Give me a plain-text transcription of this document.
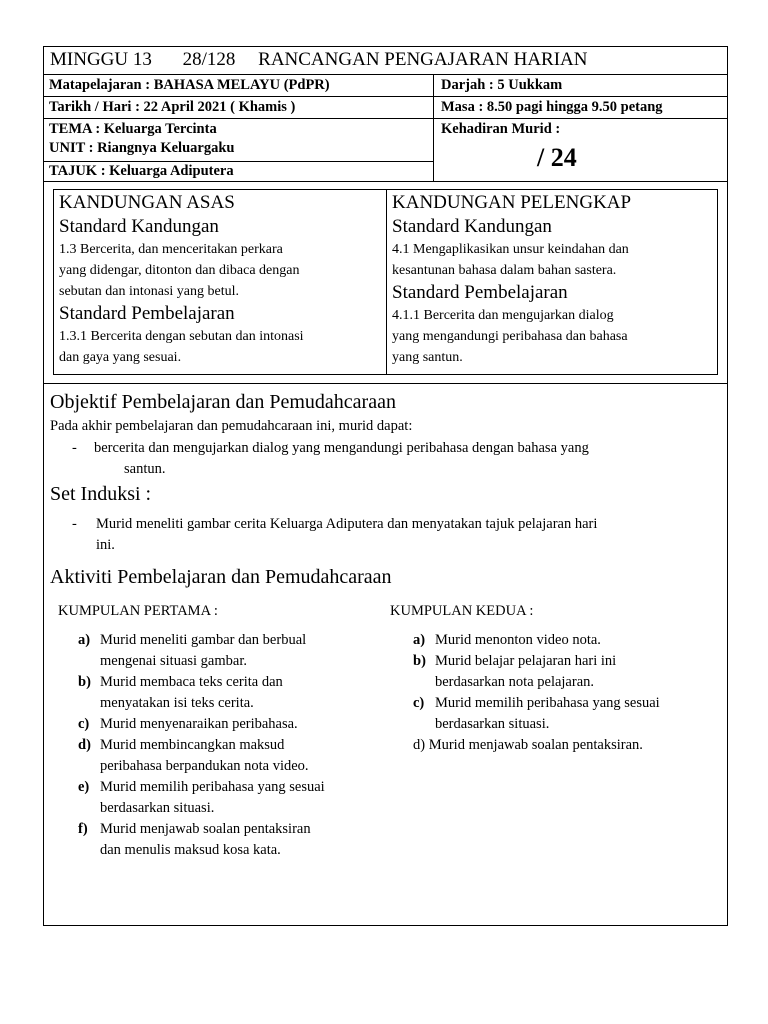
MINGGU 13 28/128 RANCANGAN PENGAJARAN HARIAN
Matapelajaran : BAHASA MELAYU (PdPR)	Darjah : 5 Uukkam
Tarikh / Hari : 22 April 2021 ( Khamis )	Masa : 8.50 pagi hingga 9.50 petang
TEMA : Keluarga Tercinta
UNIT : Riangnya Keluargaku
Kehadiran Murid :
/ 24
TAJUK : Keluarga Adiputera
KANDUNGAN ASAS
Standard Kandungan
1.3 Bercerita, dan menceritakan perkara
yang didengar, ditonton dan dibaca dengan
sebutan dan intonasi yang betul.
Standard Pembelajaran
1.3.1 Bercerita dengan sebutan dan intonasi
dan gaya yang sesuai.
KANDUNGAN PELENGKAP
Standard Kandungan
4.1 Mengaplikasikan unsur keindahan dan
kesantunan bahasa dalam bahan sastera.
Standard Pembelajaran
4.1.1 Bercerita dan mengujarkan dialog
yang mengandungi peribahasa dan bahasa
yang santun.
Objektif Pembelajaran dan Pemudahcaraan
Pada akhir pembelajaran dan pemudahcaraan ini, murid dapat:
- bercerita dan mengujarkan dialog yang mengandungi peribahasa dengan bahasa yang
santun.
Set Induksi :
- Murid meneliti gambar cerita Keluarga Adiputera dan menyatakan tajuk pelajaran hari
ini.
Aktiviti Pembelajaran dan Pemudahcaraan
KUMPULAN PERTAMA :
a) Murid meneliti gambar dan berbual
mengenai situasi gambar.
b) Murid membaca teks cerita dan
menyatakan isi teks cerita.
c) Murid menyenaraikan peribahasa.
d) Murid membincangkan maksud
peribahasa berpandukan nota video.
e) Murid memilih peribahasa yang sesuai
berdasarkan situasi.
f) Murid menjawab soalan pentaksiran
dan menulis maksud kosa kata.
KUMPULAN KEDUA :
a) Murid menonton video nota.
b) Murid belajar pelajaran hari ini
berdasarkan nota pelajaran.
c) Murid memilih peribahasa yang sesuai
berdasarkan situasi.
d) Murid menjawab soalan pentaksiran.
